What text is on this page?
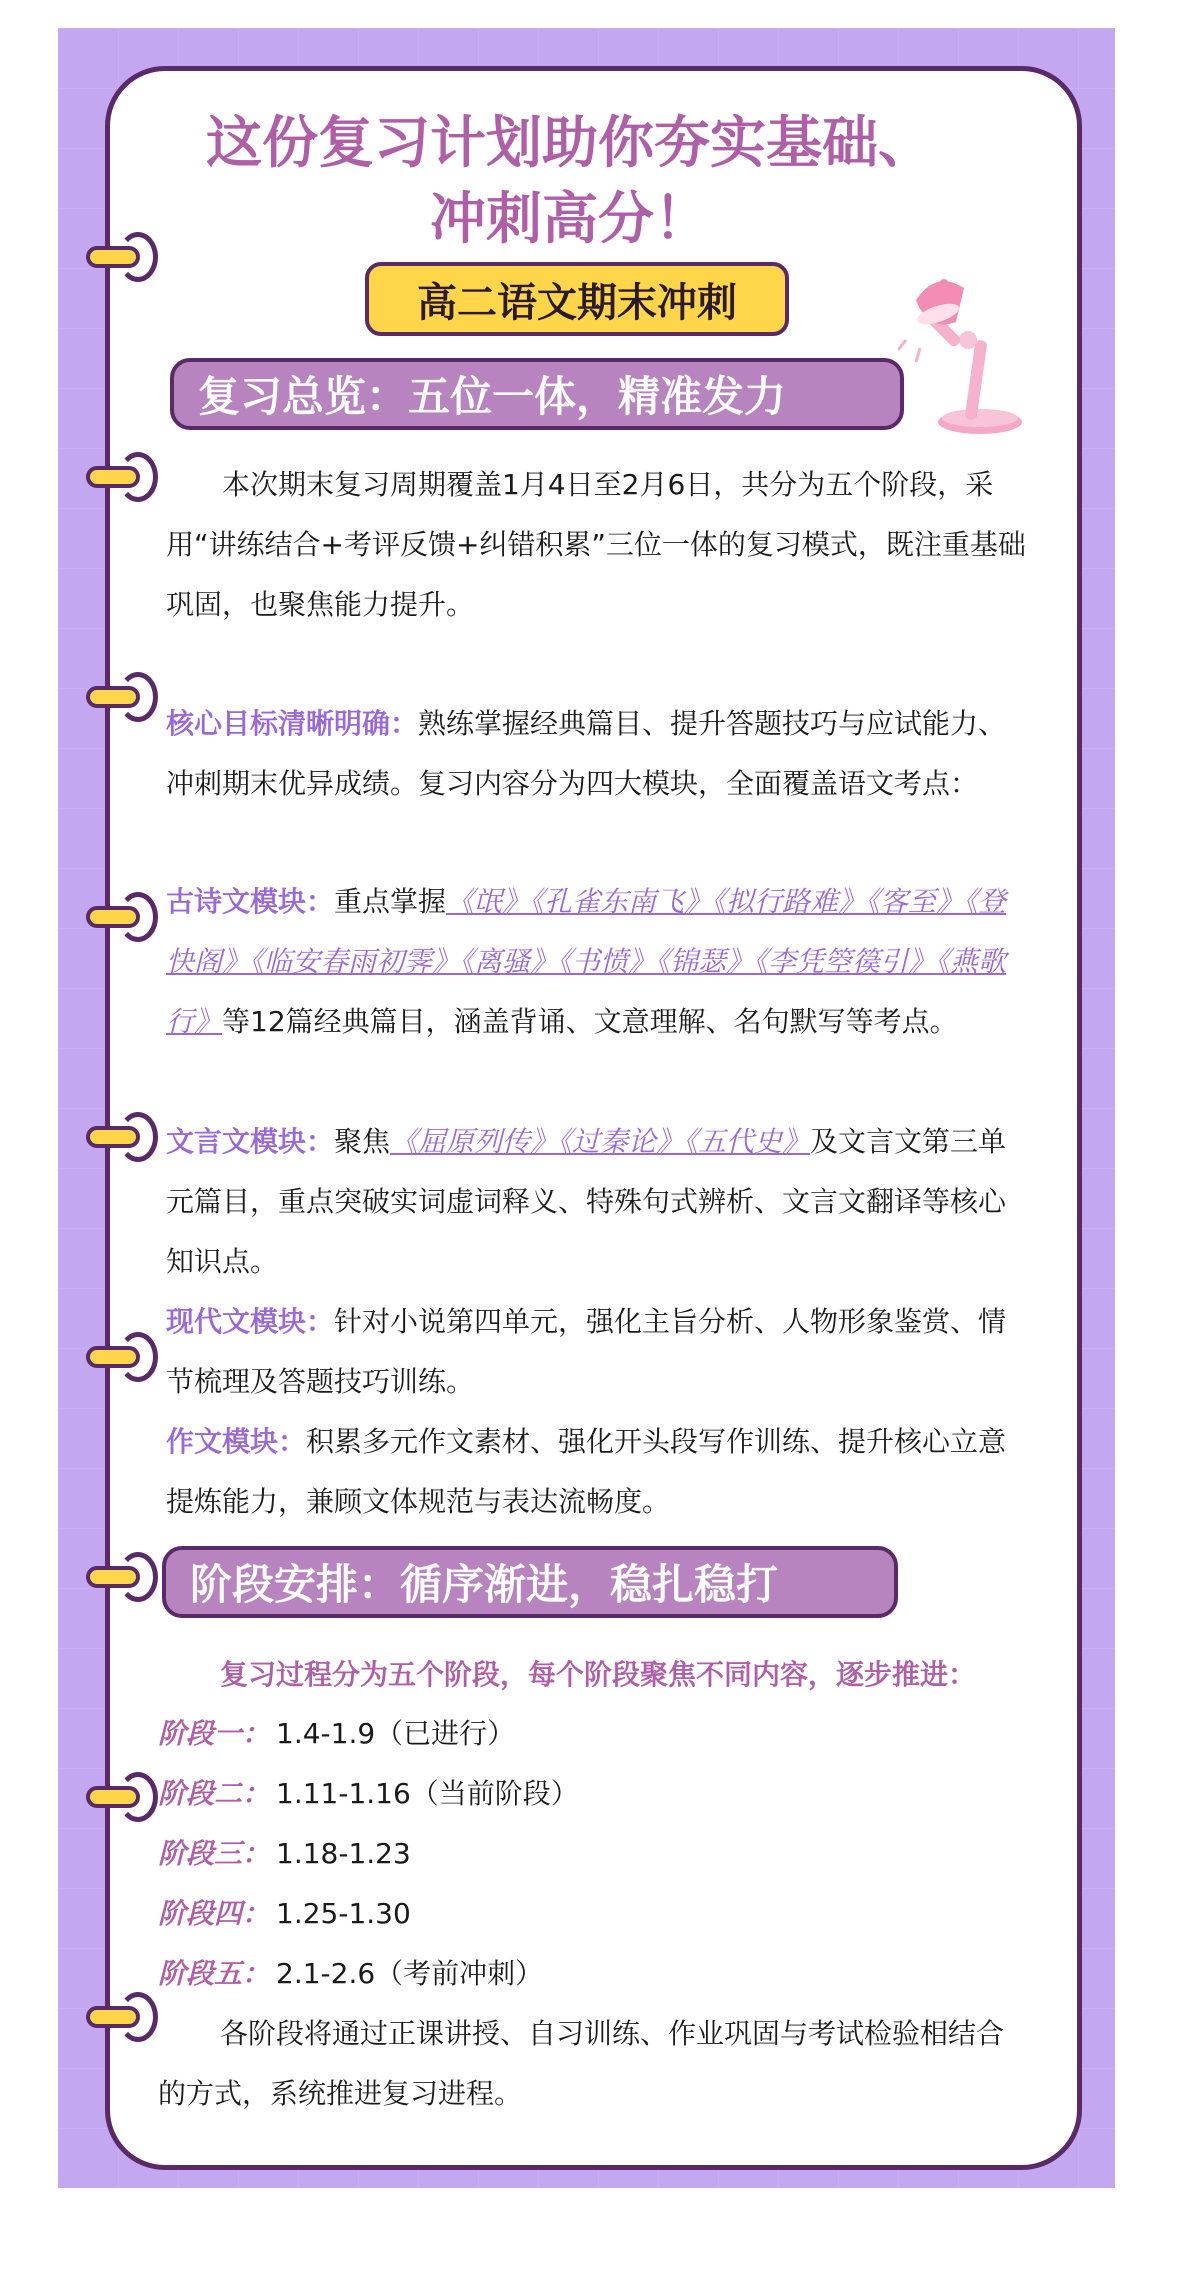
这份复习计划助你夯实基础、
冲刺高分！
高二语文期末冲刺
复习总览：五位一体，精准发力

本次期末复习周期覆盖1月4日至2月6日，共分为五个阶段，采用“讲练结合+考评反馈+纠错积累”三位一体的复习模式，既注重基础巩固，也聚焦能力提升。

核心目标清晰明确：熟练掌握经典篇目、提升答题技巧与应试能力、冲刺期末优异成绩。复习内容分为四大模块，全面覆盖语文考点：

古诗文模块：重点掌握《氓》《孔雀东南飞》《拟行路难》《客至》《登快阁》《临安春雨初霁》《离骚》《书愤》《锦瑟》《李凭箜篌引》《燕歌行》等12篇经典篇目，涵盖背诵、文意理解、名句默写等考点。

文言文模块：聚焦《屈原列传》《过秦论》《五代史》及文言文第三单元篇目，重点突破实词虚词释义、特殊句式辨析、文言文翻译等核心知识点。

现代文模块：针对小说第四单元，强化主旨分析、人物形象鉴赏、情节梳理及答题技巧训练。

作文模块：积累多元作文素材、强化开头段写作训练、提升核心立意提炼能力，兼顾文体规范与表达流畅度。

阶段安排：循序渐进，稳扎稳打

复习过程分为五个阶段，每个阶段聚焦不同内容，逐步推进：

阶段一： 1.4-1.9（已进行）
阶段二： 1.11-1.16（当前阶段）
阶段三： 1.18-1.23
阶段四： 1.25-1.30
阶段五： 2.1-2.6（考前冲刺）

各阶段将通过正课讲授、自习训练、作业巩固与考试检验相结合的方式，系统推进复习进程。
